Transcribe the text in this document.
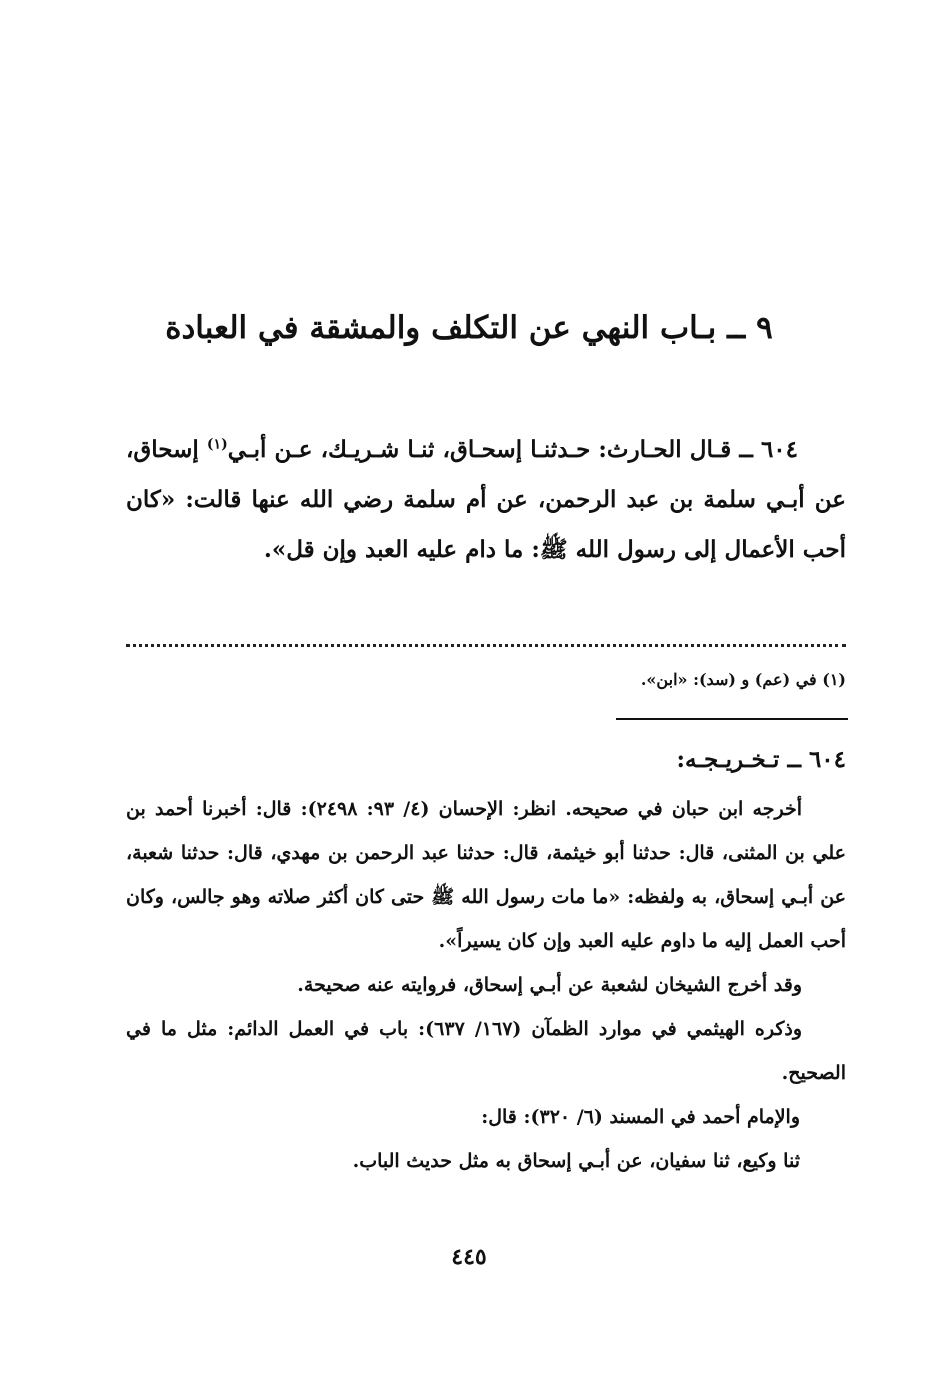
٩ ــ بـاب النهي عن التكلف والمشقة في العبادة
٦٠٤ ــ قـال الحـارث: حـدثنـا إسحـاق، ثنـا شـريـك، عـن أبـي$^{(١)}$ إسحاق، عن أبـي سلمة بن عبد الرحمن، عن أم سلمة رضي الله عنها قالت: «كان أحب الأعمال إلى رسول الله ﷺ: ما دام عليه العبد وإن قل».
(١) في (عم) و (سد): «ابن».
٦٠٤ ــ تـخـريـجـه:

أخرجه ابن حبان في صحيحه. انظر: الإحسان (٤/ ٩٣: ٢٤٩٨): قال: أخبرنا أحمد بن علي بن المثنى، قال: حدثنا أبو خيثمة، قال: حدثنا عبد الرحمن بن مهدي، قال: حدثنا شعبة، عن أبـي إسحاق، به ولفظه: «ما مات رسول الله ﷺ حتى كان أكثر صلاته وهو جالس، وكان أحب العمل إليه ما داوم عليه العبد وإن كان يسيراً».

وقد أخرج الشيخان لشعبة عن أبـي إسحاق، فروايته عنه صحيحة.

وذكره الهيثمي في موارد الظمآن (١٦٧/ ٦٣٧): باب في العمل الدائم: مثل ما في الصحيح.

والإمام أحمد في المسند (٦/ ٣٢٠): قال:

ثنا وكيع، ثنا سفيان، عن أبـي إسحاق به مثل حديث الباب.

٤٤٥
